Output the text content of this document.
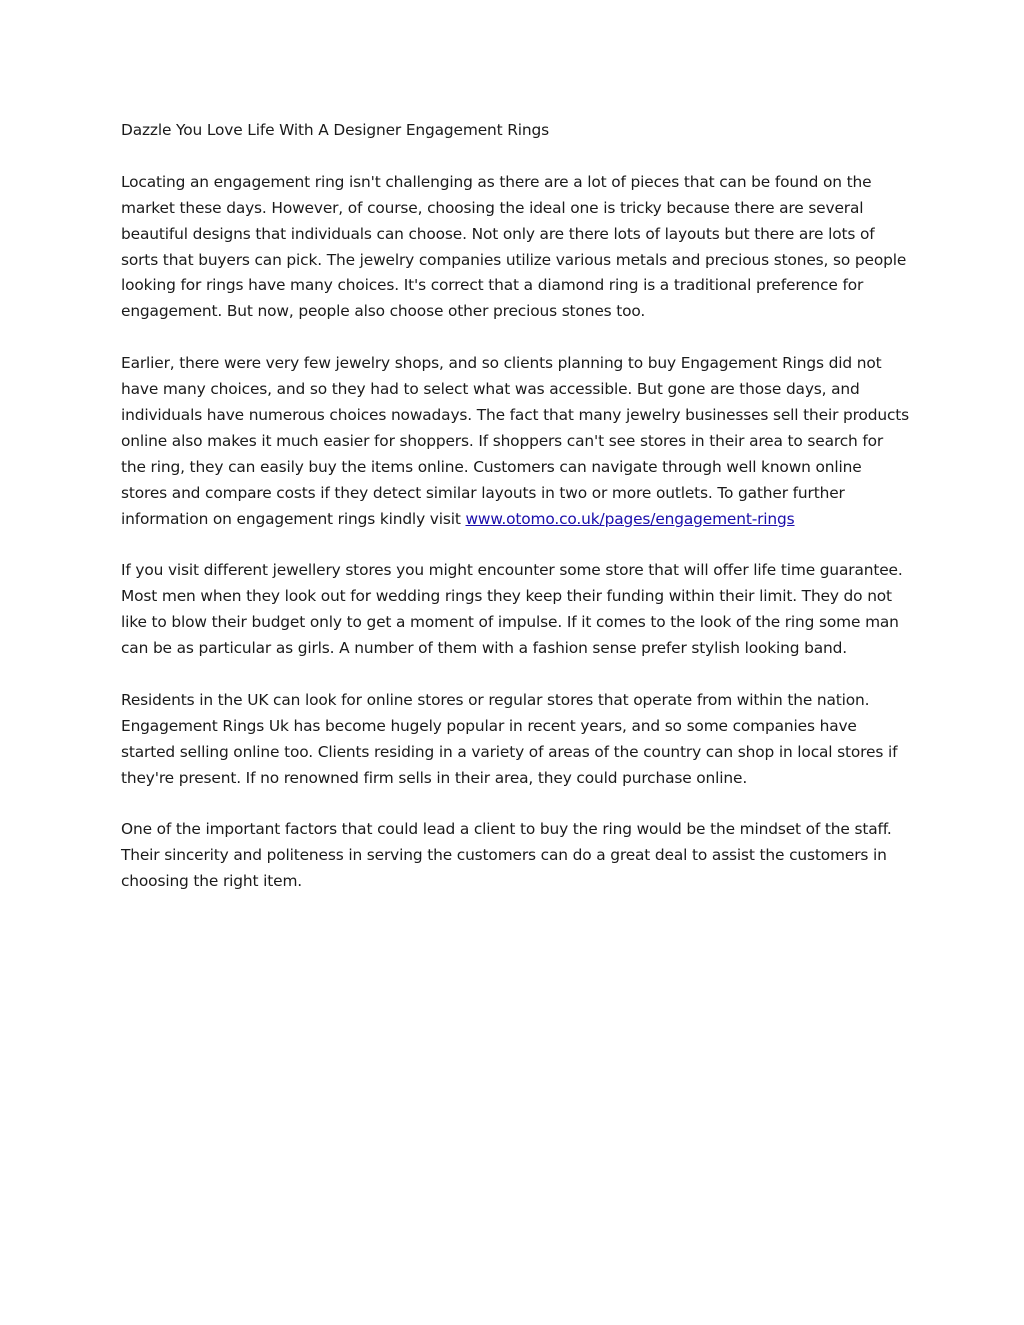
Dazzle You Love Life With A Designer Engagement Rings

Locating an engagement ring isn't challenging as there are a lot of pieces that can be found on the market these days. However, of course, choosing the ideal one is tricky because there are several beautiful designs that individuals can choose. Not only are there lots of layouts but there are lots of sorts that buyers can pick. The jewelry companies utilize various metals and precious stones, so people looking for rings have many choices. It's correct that a diamond ring is a traditional preference for engagement. But now, people also choose other precious stones too.

Earlier, there were very few jewelry shops, and so clients planning to buy Engagement Rings did not have many choices, and so they had to select what was accessible. But gone are those days, and individuals have numerous choices nowadays. The fact that many jewelry businesses sell their products online also makes it much easier for shoppers. If shoppers can't see stores in their area to search for the ring, they can easily buy the items online. Customers can navigate through well known online stores and compare costs if they detect similar layouts in two or more outlets. To gather further information on engagement rings kindly visit www.otomo.co.uk/pages/engagement-rings

If you visit different jewellery stores you might encounter some store that will offer life time guarantee. Most men when they look out for wedding rings they keep their funding within their limit. They do not like to blow their budget only to get a moment of impulse. If it comes to the look of the ring some man can be as particular as girls. A number of them with a fashion sense prefer stylish looking band.

Residents in the UK can look for online stores or regular stores that operate from within the nation. Engagement Rings Uk has become hugely popular in recent years, and so some companies have started selling online too. Clients residing in a variety of areas of the country can shop in local stores if they're present. If no renowned firm sells in their area, they could purchase online.

One of the important factors that could lead a client to buy the ring would be the mindset of the staff. Their sincerity and politeness in serving the customers can do a great deal to assist the customers in choosing the right item.
